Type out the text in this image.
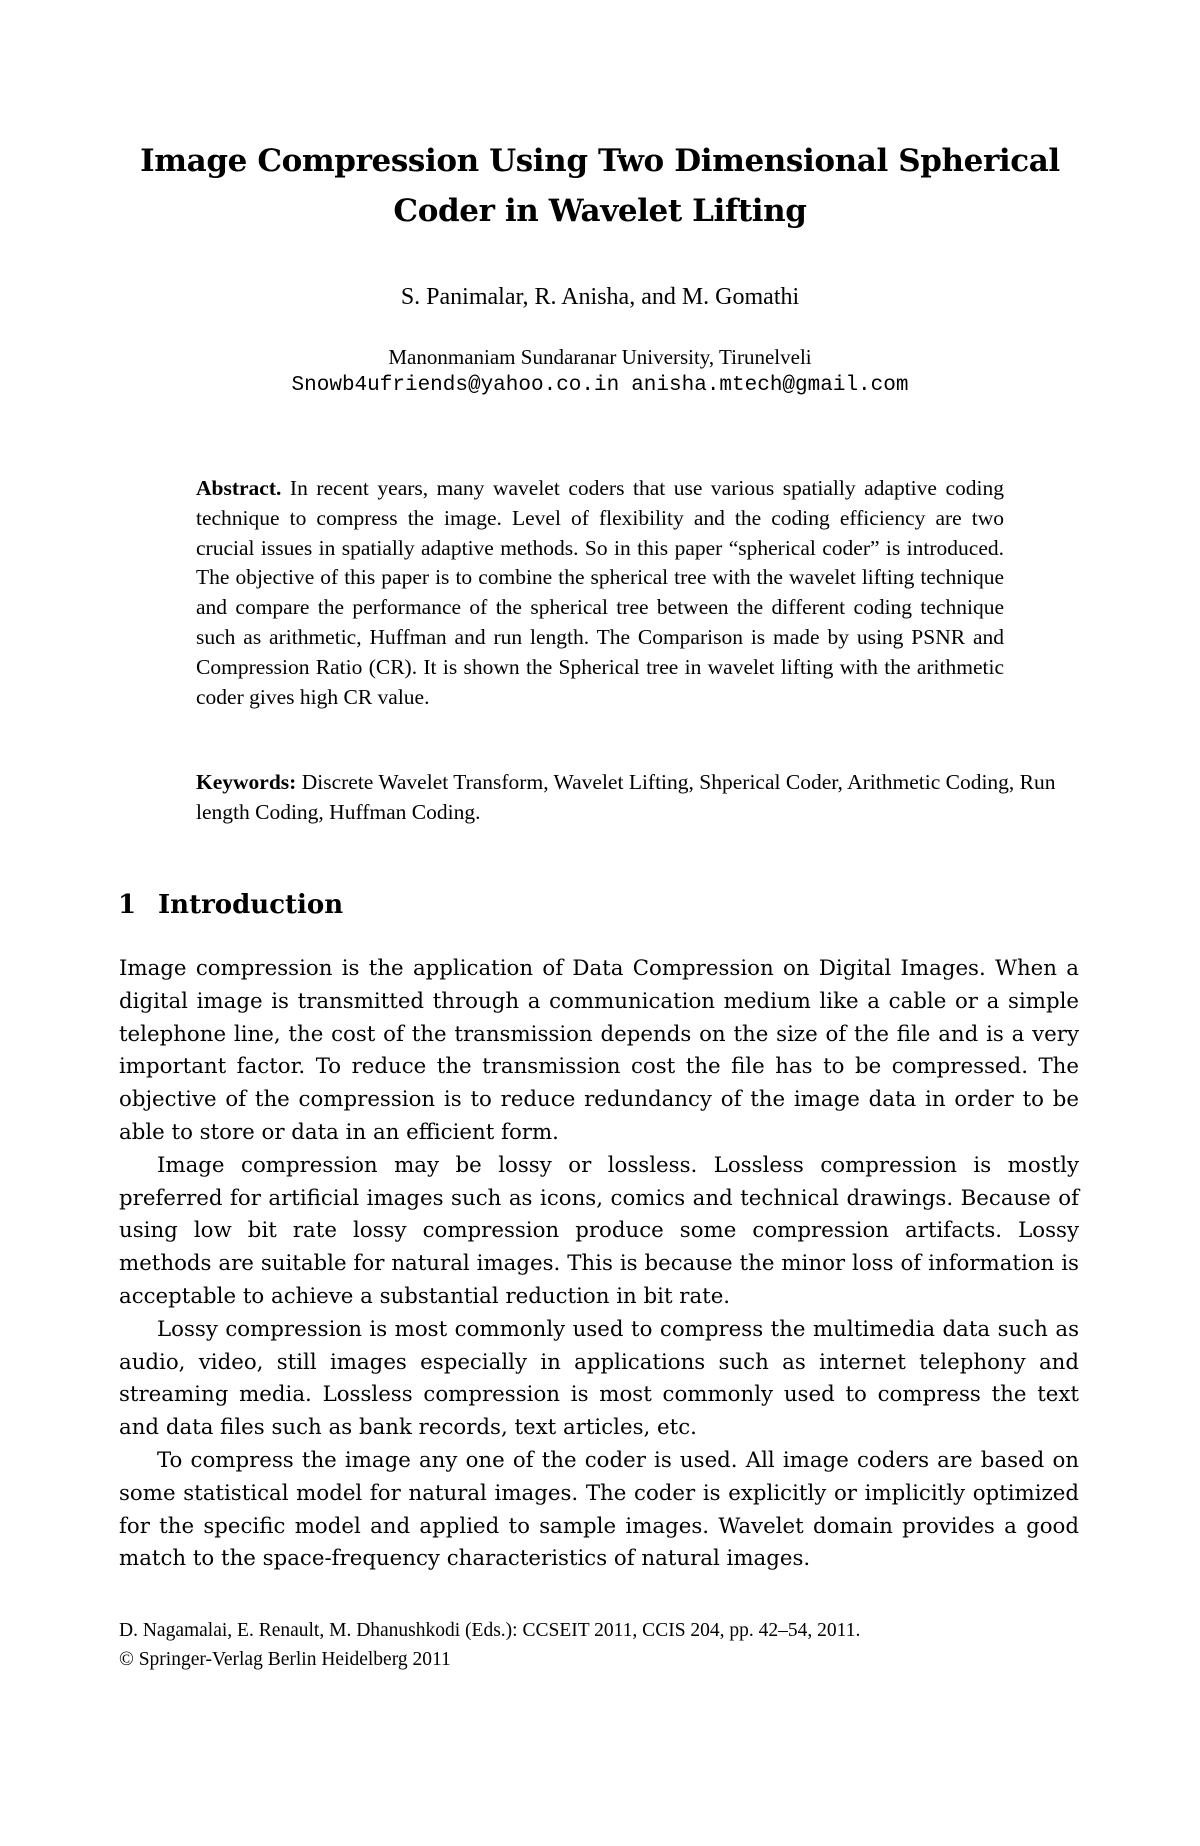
Image Compression Using Two Dimensional Spherical Coder in Wavelet Lifting
S. Panimalar, R. Anisha, and M. Gomathi
Manonmaniam Sundaranar University, Tirunelveli
Snowb4ufriends@yahoo.co.in anisha.mtech@gmail.com
Abstract. In recent years, many wavelet coders that use various spatially adaptive coding technique to compress the image. Level of flexibility and the coding efficiency are two crucial issues in spatially adaptive methods. So in this paper “spherical coder” is introduced. The objective of this paper is to combine the spherical tree with the wavelet lifting technique and compare the performance of the spherical tree between the different coding technique such as arithmetic, Huffman and run length. The Comparison is made by using PSNR and Compression Ratio (CR). It is shown the Spherical tree in wavelet lifting with the arithmetic coder gives high CR value.
Keywords: Discrete Wavelet Transform, Wavelet Lifting, Shperical Coder, Arithmetic Coding, Run length Coding, Huffman Coding.
1 Introduction

Image compression is the application of Data Compression on Digital Images. When a digital image is transmitted through a communication medium like a cable or a simple telephone line, the cost of the transmission depends on the size of the file and is a very important factor. To reduce the transmission cost the file has to be compressed. The objective of the compression is to reduce redundancy of the image data in order to be able to store or data in an efficient form.

Image compression may be lossy or lossless. Lossless compression is mostly preferred for artificial images such as icons, comics and technical drawings. Because of using low bit rate lossy compression produce some compression artifacts. Lossy methods are suitable for natural images. This is because the minor loss of information is acceptable to achieve a substantial reduction in bit rate.

Lossy compression is most commonly used to compress the multimedia data such as audio, video, still images especially in applications such as internet telephony and streaming media. Lossless compression is most commonly used to compress the text and data files such as bank records, text articles, etc.

To compress the image any one of the coder is used. All image coders are based on some statistical model for natural images. The coder is explicitly or implicitly optimized for the specific model and applied to sample images. Wavelet domain provides a good match to the space-frequency characteristics of natural images.

D. Nagamalai, E. Renault, M. Dhanushkodi (Eds.): CCSEIT 2011, CCIS 204, pp. 42–54, 2011.
© Springer-Verlag Berlin Heidelberg 2011
